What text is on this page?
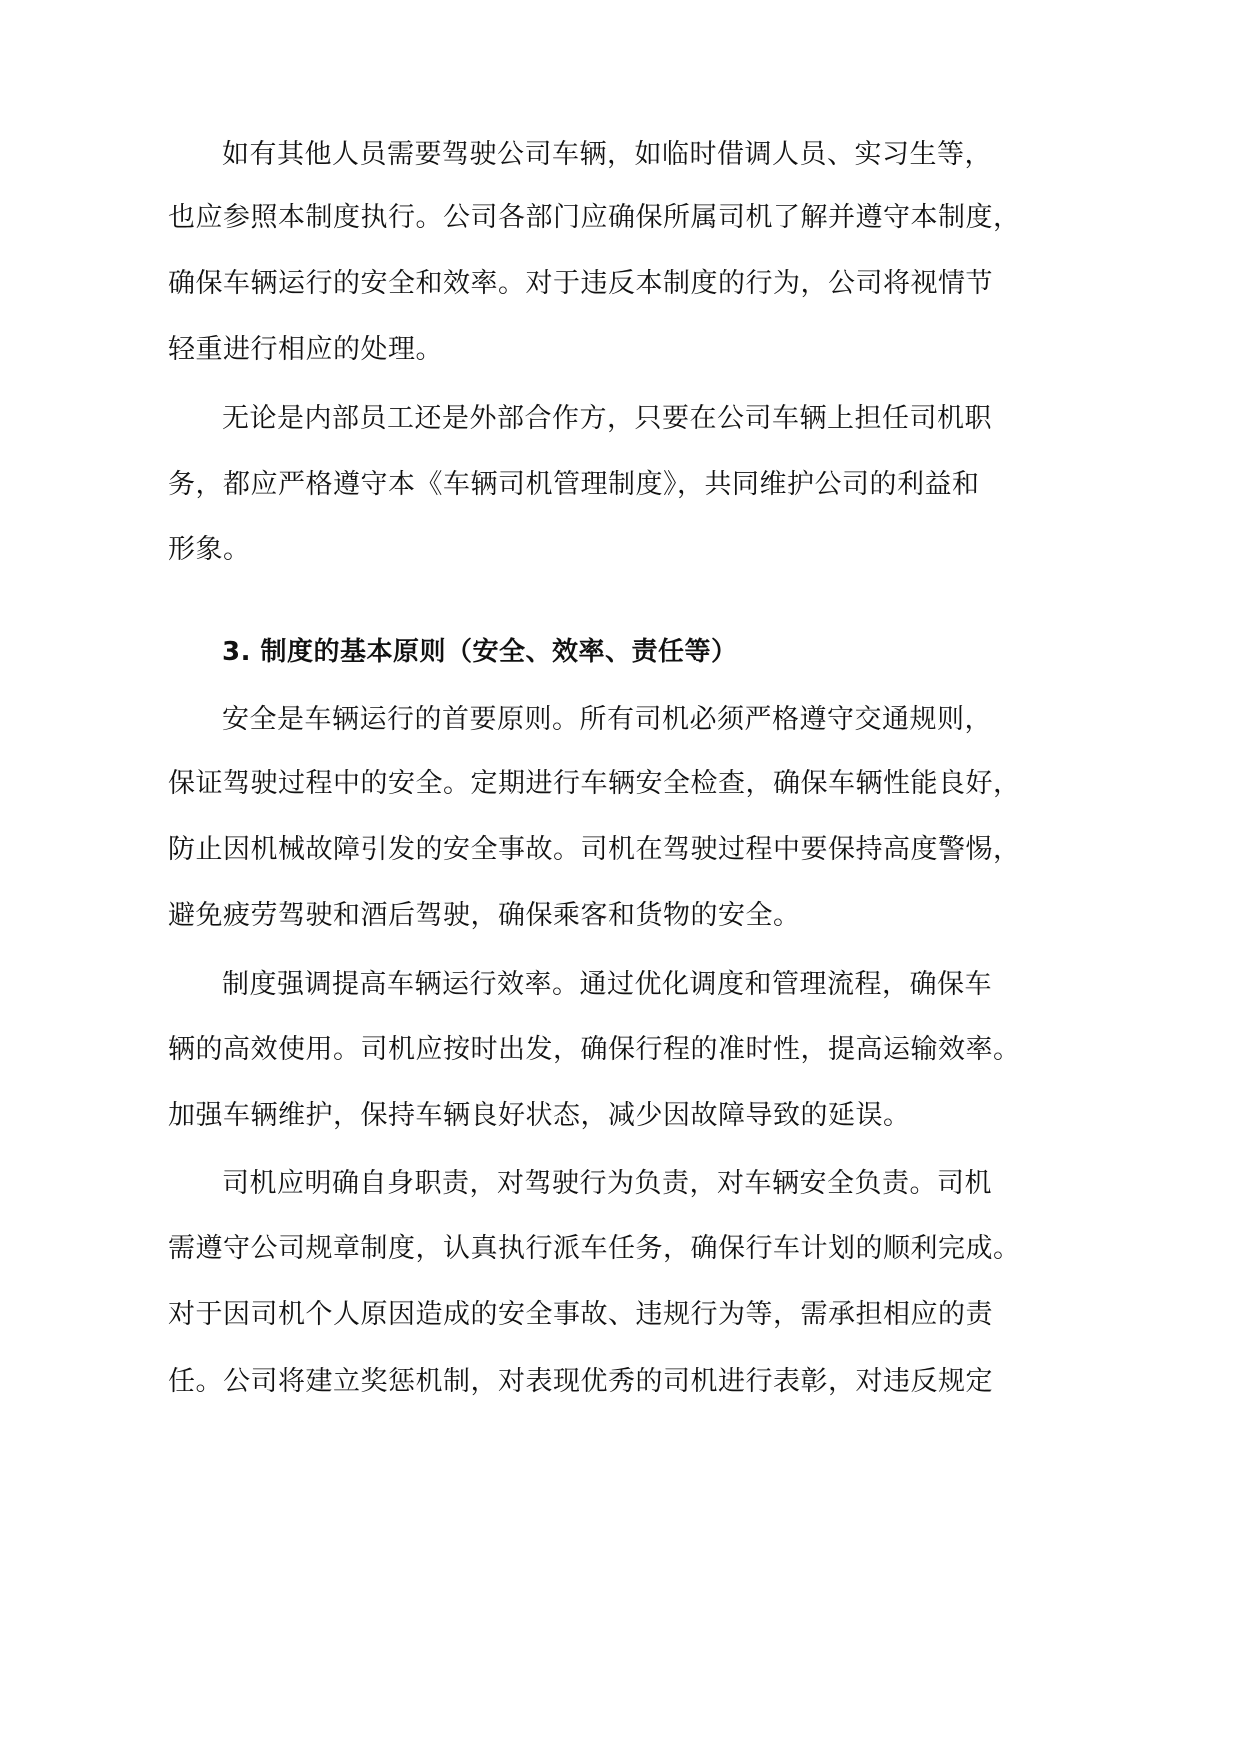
如有其他人员需要驾驶公司车辆，如临时借调人员、实习生等，
也应参照本制度执行。公司各部门应确保所属司机了解并遵守本制度，
确保车辆运行的安全和效率。对于违反本制度的行为，公司将视情节
轻重进行相应的处理。
无论是内部员工还是外部合作方，只要在公司车辆上担任司机职
务，都应严格遵守本《车辆司机管理制度》，共同维护公司的利益和
形象。
3. 制度的基本原则（安全、效率、责任等）
安全是车辆运行的首要原则。所有司机必须严格遵守交通规则，
保证驾驶过程中的安全。定期进行车辆安全检查，确保车辆性能良好，
防止因机械故障引发的安全事故。司机在驾驶过程中要保持高度警惕，
避免疲劳驾驶和酒后驾驶，确保乘客和货物的安全。
制度强调提高车辆运行效率。通过优化调度和管理流程，确保车
辆的高效使用。司机应按时出发，确保行程的准时性，提高运输效率。
加强车辆维护，保持车辆良好状态，减少因故障导致的延误。
司机应明确自身职责，对驾驶行为负责，对车辆安全负责。司机
需遵守公司规章制度，认真执行派车任务，确保行车计划的顺利完成。
对于因司机个人原因造成的安全事故、违规行为等，需承担相应的责
任。公司将建立奖惩机制，对表现优秀的司机进行表彰，对违反规定
